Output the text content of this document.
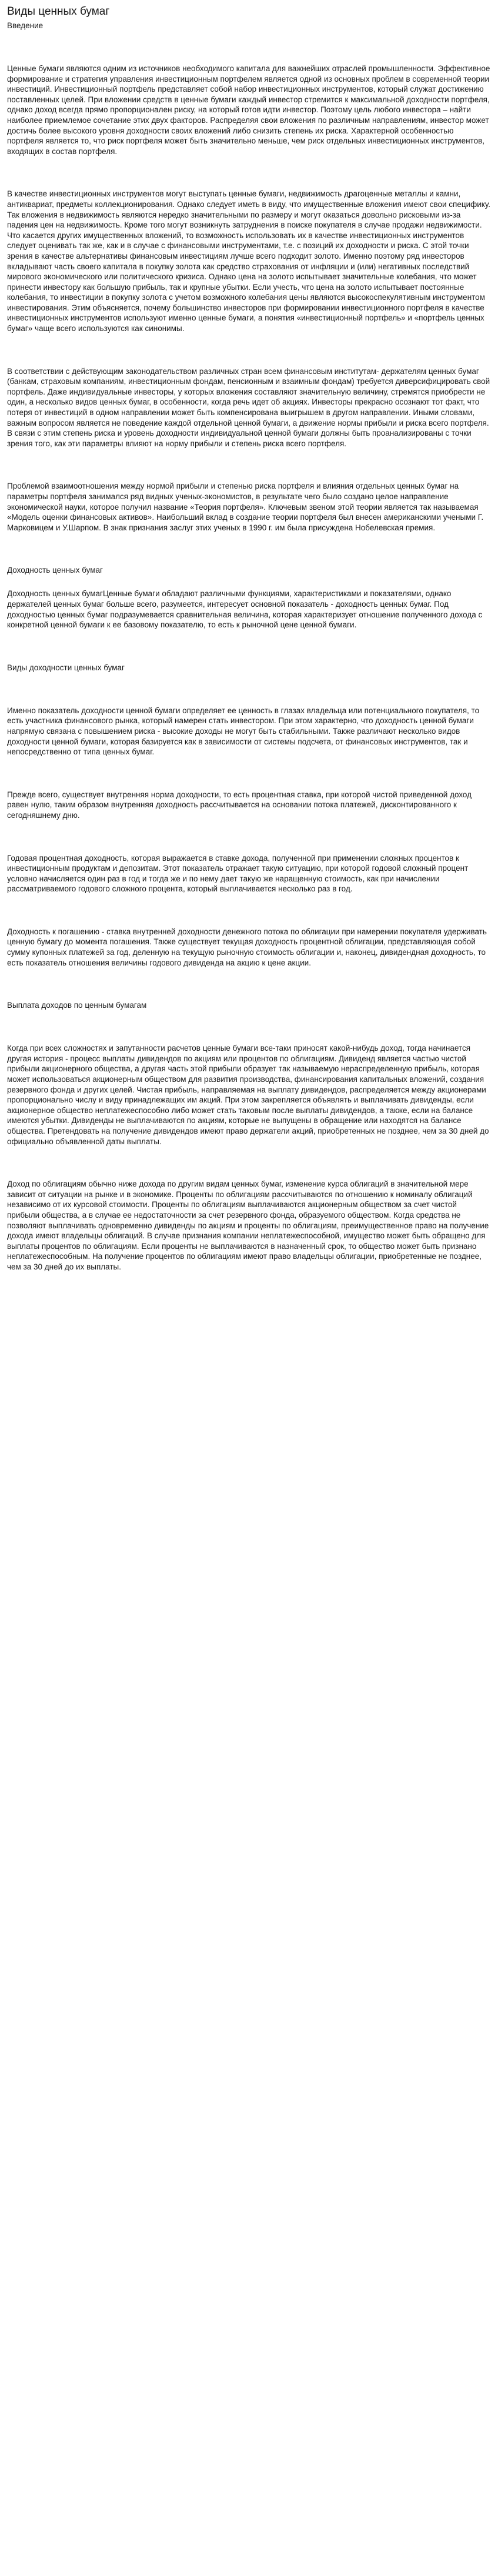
Виды ценных бумаг
Введение

Ценные бумаги являются одним из источников необходимого капитала для важнейших отраслей промышленности. Эффективное формирование и стратегия управления инвестиционным портфелем является одной из основных проблем в современной теории инвестиций. Инвестиционный портфель представляет собой набор инвестиционных инструментов, который служат достижению поставленных целей. При вложении средств в ценные бумаги каждый инвестор стремится к максимальной доходности портфеля, однако доход всегда прямо пропорционален риску, на который готов идти инвестор. Поэтому цель любого инвестора – найти наиболее приемлемое сочетание этих двух факторов. Распределяя свои вложения по различным направлениям, инвестор может достичь более высокого уровня доходности своих вложений либо снизить степень их риска. Характерной особенностью портфеля является то, что риск портфеля может быть значительно меньше, чем риск отдельных инвестиционных инструментов, входящих в состав портфеля.

В качестве инвестиционных инструментов могут выступать ценные бумаги, недвижимость драгоценные металлы и камни, антиквариат, предметы коллекционирования. Однако следует иметь в виду, что имущественные вложения имеют свои специфику. Так вложения в недвижимость являются нередко значительными по размеру и могут оказаться довольно рисковыми из-за падения цен на недвижимость. Кроме того могут возникнуть затруднения в поиске покупателя в случае продажи недвижимости. Что касается других имущественных вложений, то возможность использовать их в качестве инвестиционных инструментов следует оценивать так же, как и в случае с финансовыми инструментами, т.е. с позиций их доходности и риска. С этой точки зрения в качестве альтернативы финансовым инвестициям лучше всего подходит золото. Именно поэтому ряд инвесторов вкладывают часть своего капитала в покупку золота как средство страхования от инфляции и (или) негативных последствий мирового экономического или политического кризиса. Однако цена на золото испытывает значительные колебания, что может принести инвестору как большую прибыль, так и крупные убытки. Если учесть, что цена на золото испытывает постоянные колебания, то инвестиции в покупку золота с учетом возможного колебания цены являются высокоспекулятивным инструментом инвестирования. Этим объясняется, почему большинство инвесторов при формировании инвестиционного портфеля в качестве инвестиционных инструментов используют именно ценные бумаги, а понятия «инвестиционный портфель» и «портфель ценных бумаг» чаще всего используются как синонимы.

В соответствии с действующим законодательством различных стран всем финансовым институтам- держателям ценных бумаг (банкам, страховым компаниям, инвестиционным фондам, пенсионным и взаимным фондам) требуется диверсифицировать свой портфель. Даже индивидуальные инвесторы, у которых вложения составляют значительную величину, стремятся приобрести не один, а несколько видов ценных бумаг, в особенности, когда речь идет об акциях. Инвесторы прекрасно осознают тот факт, что потеря от инвестиций в одном направлении может быть компенсирована выигрышем в другом направлении. Иными словами, важным вопросом является не поведение каждой отдельной ценной бумаги, а движение нормы прибыли и риска всего портфеля. В связи с этим степень риска и уровень доходности индивидуальной ценной бумаги должны быть проанализированы с точки зрения того, как эти параметры влияют на норму прибыли и степень риска всего портфеля.

Проблемой взаимоотношения между нормой прибыли и степенью риска портфеля и влияния отдельных ценных бумаг на параметры портфеля занимался ряд видных ученых-экономистов, в результате чего было создано целое направление экономической науки, которое получил название «Теория портфеля». Ключевым звеном этой теории является так называемая «Модель оценки финансовых активов». Наибольший вклад в создание теории портфеля был внесен американскими учеными Г. Марковицем и У.Шарпом. В знак признания заслуг этих ученых в 1990 г. им была присуждена Нобелевская премия.

Доходность ценных бумаг

Доходность ценных бумагЦенные бумаги обладают различными функциями, характеристиками и показателями, однако держателей ценных бумаг больше всего, разумеется, интересует основной показатель - доходность ценных бумаг. Под доходностью ценных бумаг подразумевается сравнительная величина, которая характеризует отношение полученного дохода с конкретной ценной бумаги к ее базовому показателю, то есть к рыночной цене ценной бумаги.

Виды доходности ценных бумаг

Именно показатель доходности ценной бумаги определяет ее ценность в глазах владельца или потенциального покупателя, то есть участника финансового рынка, который намерен стать инвестором. При этом характерно, что доходность ценной бумаги напрямую связана с повышением риска - высокие доходы не могут быть стабильными. Также различают несколько видов доходности ценной бумаги, которая базируется как в зависимости от системы подсчета, от финансовых инструментов, так и непосредственно от типа ценных бумаг.

Прежде всего, существует внутренняя норма доходности, то есть процентная ставка, при которой чистой приведенной доход равен нулю, таким образом внутренняя доходность рассчитывается на основании потока платежей, дисконтированного к сегодняшнему дню.

Годовая процентная доходность, которая выражается в ставке дохода, полученной при применении сложных процентов к инвестиционным продуктам и депозитам. Этот показатель отражает такую ситуацию, при которой годовой сложный процент условно начисляется один раз в год и тогда же и по нему дает такую же наращенную стоимость, как при начислении рассматриваемого годового сложного процента, который выплачивается несколько раз в год.

Доходность к погашению - ставка внутренней доходности денежного потока по облигации при намерении покупателя удерживать ценную бумагу до момента погашения. Также существует текущая доходность процентной облигации, представляющая собой сумму купонных платежей за год, деленную на текущую рыночную стоимость облигации и, наконец, дивидендная доходность, то есть показатель отношения величины годового дивиденда на акцию к цене акции.

Выплата доходов по ценным бумагам

Когда при всех сложностях и запутанности расчетов ценные бумаги все-таки приносят какой-нибудь доход, тогда начинается другая история - процесс выплаты дивидендов по акциям или процентов по облигациям. Дивиденд является частью чистой прибыли акционерного общества, а другая часть этой прибыли образует так называемую нераспределенную прибыль, которая может использоваться акционерным обществом для развития производства, финансирования капитальных вложений, создания резервного фонда и других целей. Чистая прибыль, направляемая на выплату дивидендов, распределяется между акционерами пропорционально числу и виду принадлежащих им акций. При этом закрепляется объявлять и выплачивать дивиденды, если акционерное общество неплатежеспособно либо может стать таковым после выплаты дивидендов, а также, если на балансе имеются убытки. Дивиденды не выплачиваются по акциям, которые не выпущены в обращение или находятся на балансе общества. Претендовать на получение дивидендов имеют право держатели акций, приобретенных не позднее, чем за 30 дней до официально объявленной даты выплаты.

Доход по облигациям обычно ниже дохода по другим видам ценных бумаг, изменение курса облигаций в значительной мере зависит от ситуации на рынке и в экономике. Проценты по облигациям рассчитываются по отношению к номиналу облигаций независимо от их курсовой стоимости. Проценты по облигациям выплачиваются акционерным обществом за счет чистой прибыли общества, а в случае ее недостаточности за счет резервного фонда, образуемого обществом. Когда средства не позволяют выплачивать одновременно дивиденды по акциям и проценты по облигациям, преимущественное право на получение дохода имеют владельцы облигаций. В случае признания компании неплатежеспособной, имущество может быть обращено для выплаты процентов по облигациям. Если проценты не выплачиваются в назначенный срок, то общество может быть признано неплатежеспособным. На получение процентов по облигациям имеют право владельцы облигации, приобретенные не позднее, чем за 30 дней до их выплаты.
